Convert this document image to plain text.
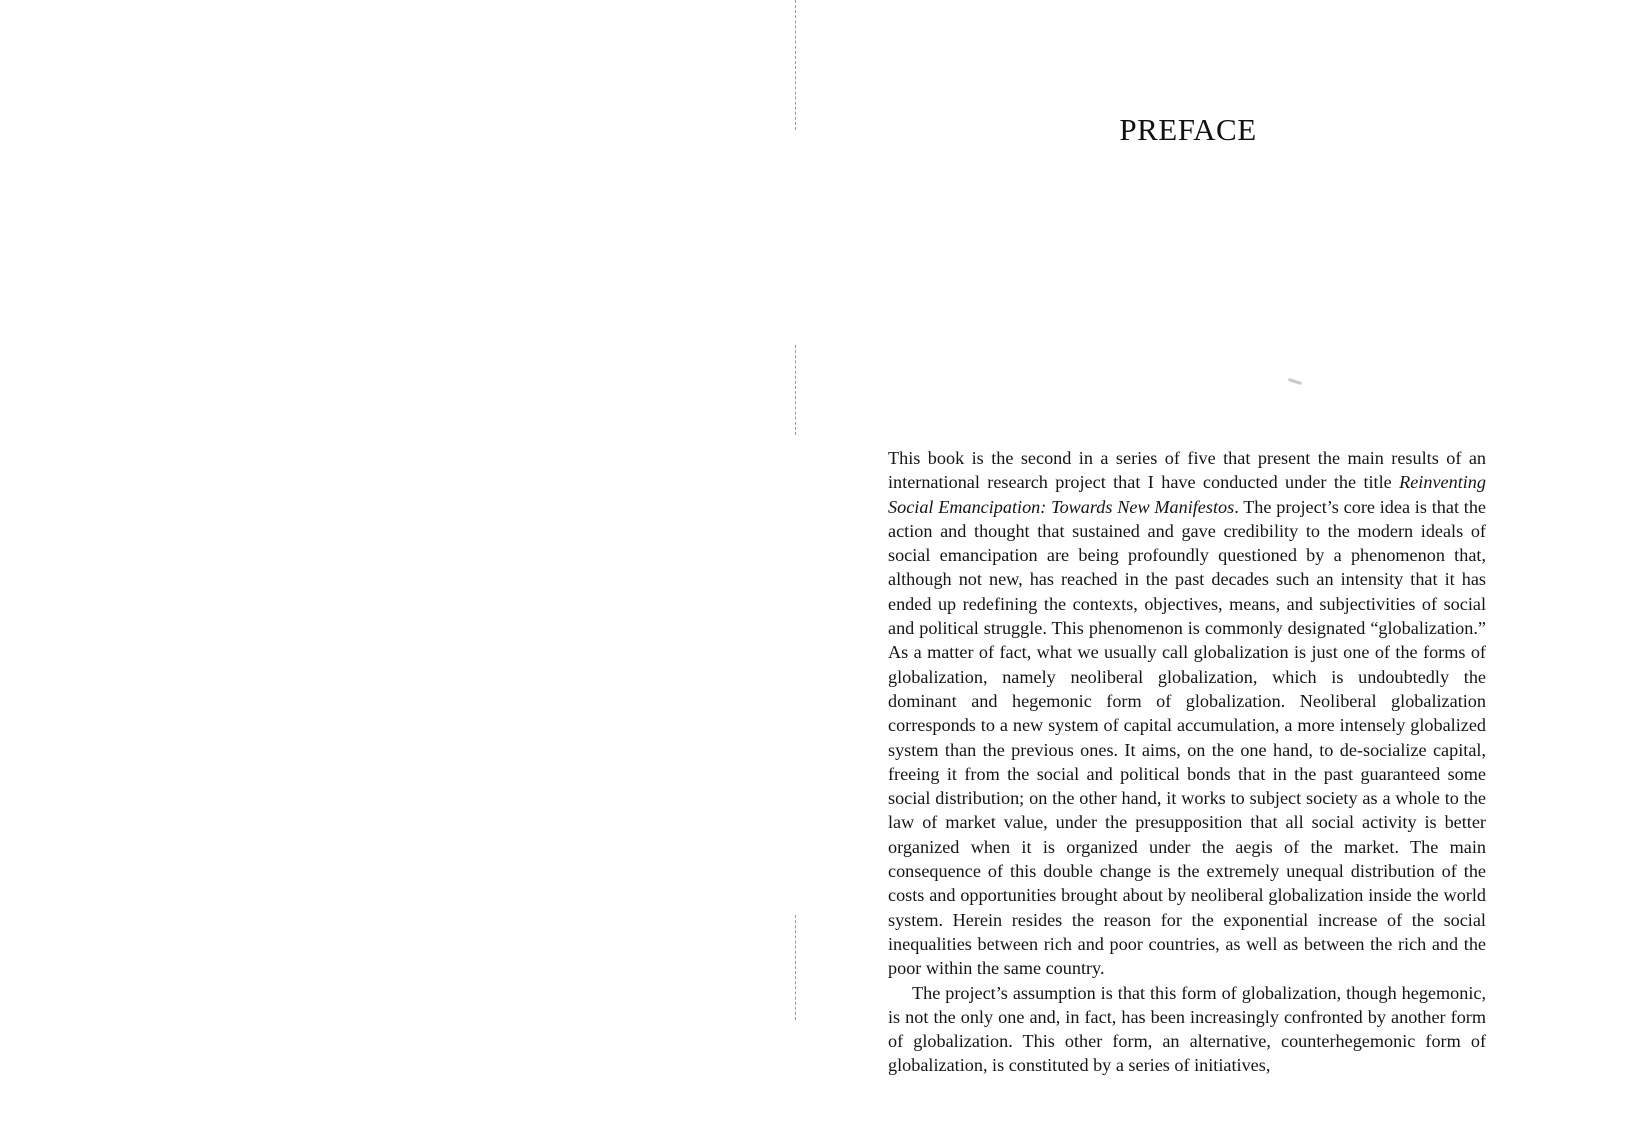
PREFACE

This book is the second in a series of five that present the main results of an international research project that I have conducted under the title Reinventing Social Emancipation: Towards New Manifestos. The project’s core idea is that the action and thought that sustained and gave credibility to the modern ideals of social emancipation are being profoundly questioned by a phenomenon that, although not new, has reached in the past decades such an intensity that it has ended up redefining the contexts, objectives, means, and subjectivities of social and political struggle. This phenomenon is commonly designated “globalization.” As a matter of fact, what we usually call globalization is just one of the forms of globalization, namely neoliberal globalization, which is undoubtedly the dominant and hegemonic form of globalization. Neoliberal globalization corresponds to a new system of capital accumulation, a more intensely globalized system than the previous ones. It aims, on the one hand, to de-socialize capital, freeing it from the social and political bonds that in the past guaranteed some social distribution; on the other hand, it works to subject society as a whole to the law of market value, under the presupposition that all social activity is better organized when it is organized under the aegis of the market. The main consequence of this double change is the extremely unequal distribution of the costs and opportunities brought about by neoliberal globalization inside the world system. Herein resides the reason for the exponential increase of the social inequalities between rich and poor countries, as well as between the rich and the poor within the same country.

The project’s assumption is that this form of globalization, though hegemonic, is not the only one and, in fact, has been increasingly confronted by another form of globalization. This other form, an alternative, counterhegemonic form of globalization, is constituted by a series of initiatives,
